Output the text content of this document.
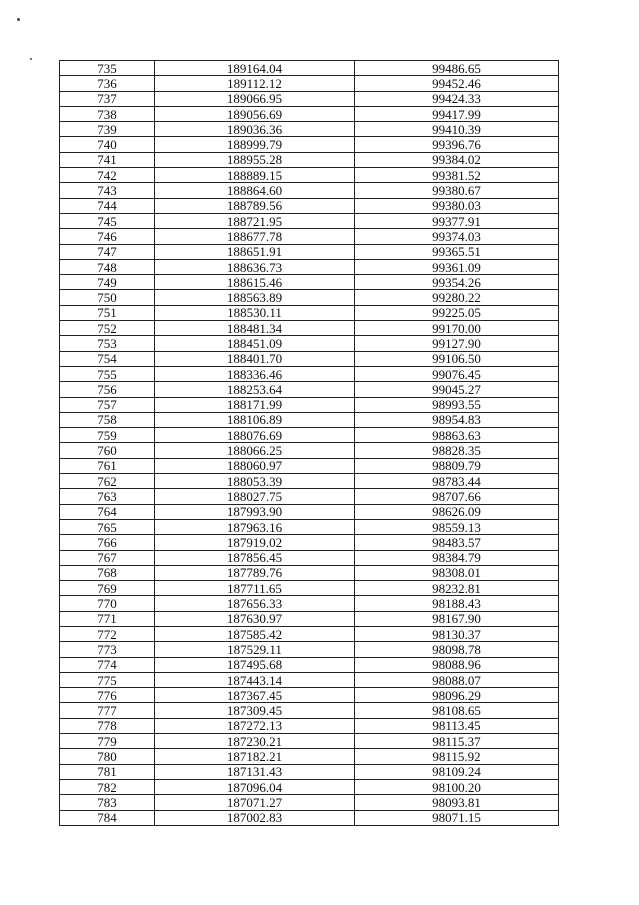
735	189164.04	99486.65
736	189112.12	99452.46
737	189066.95	99424.33
738	189056.69	99417.99
739	189036.36	99410.39
740	188999.79	99396.76
741	188955.28	99384.02
742	188889.15	99381.52
743	188864.60	99380.67
744	188789.56	99380.03
745	188721.95	99377.91
746	188677.78	99374.03
747	188651.91	99365.51
748	188636.73	99361.09
749	188615.46	99354.26
750	188563.89	99280.22
751	188530.11	99225.05
752	188481.34	99170.00
753	188451.09	99127.90
754	188401.70	99106.50
755	188336.46	99076.45
756	188253.64	99045.27
757	188171.99	98993.55
758	188106.89	98954.83
759	188076.69	98863.63
760	188066.25	98828.35
761	188060.97	98809.79
762	188053.39	98783.44
763	188027.75	98707.66
764	187993.90	98626.09
765	187963.16	98559.13
766	187919.02	98483.57
767	187856.45	98384.79
768	187789.76	98308.01
769	187711.65	98232.81
770	187656.33	98188.43
771	187630.97	98167.90
772	187585.42	98130.37
773	187529.11	98098.78
774	187495.68	98088.96
775	187443.14	98088.07
776	187367.45	98096.29
777	187309.45	98108.65
778	187272.13	98113.45
779	187230.21	98115.37
780	187182.21	98115.92
781	187131.43	98109.24
782	187096.04	98100.20
783	187071.27	98093.81
784	187002.83	98071.15
